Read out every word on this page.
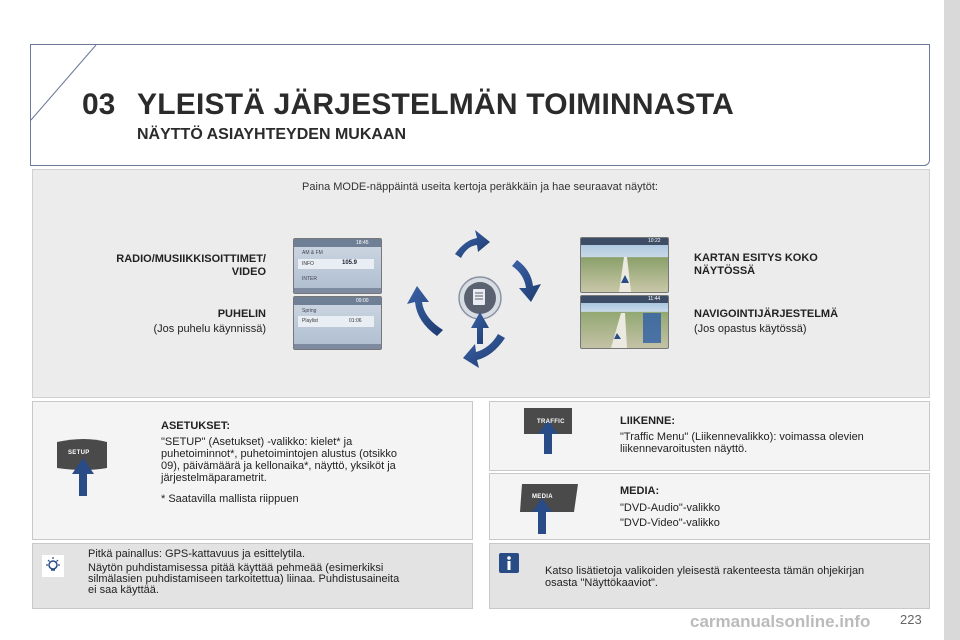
03 YLEISTÄ JÄRJESTELMÄN TOIMINNASTA
NÄYTTÖ ASIAYHTEYDEN MUKAAN
Paina MODE-näppäintä useita kertoja peräkkäin ja hae seuraavat näytöt:
RADIO/MUSIIKKISOITTIMET/
VIDEO
PUHELIN
(Jos puhelu käynnissä)
KARTAN ESITYS KOKO
NÄYTÖSSÄ
NAVIGOINTIJÄRJESTELMÄ
(Jos opastus käytössä)
18:45
AM & FM
INFO	105.9
INTER
09:00
Spring
Playlist	01:06
10:22
11:44
SETUP
ASETUKSET:
"SETUP" (Asetukset) -valikko: kielet* ja
puhetoiminnot*, puhetoimintojen alustus (otsikko
09), päivämäärä ja kellonaika*, näyttö, yksiköt ja
järjestelmäparametrit.
* Saatavilla mallista riippuen
TRAFFIC	LIIKENNE:
"Traffic Menu" (Liikennevalikko): voimassa olevien
liikennevaroitusten näyttö.
MEDIA	MEDIA:
"DVD-Audio"-valikko
"DVD-Video"-valikko
Pitkä painallus: GPS-kattavuus ja esittelytila.
Näytön puhdistamisessa pitää käyttää pehmeää (esimerkiksi
silmälasien puhdistamiseen tarkoitettua) liinaa. Puhdistusaineita
ei saa käyttää.
Katso lisätietoja valikoiden yleisestä rakenteesta tämän ohjekirjan
osasta "Näyttökaaviot".
carmanualsonline.info 223
